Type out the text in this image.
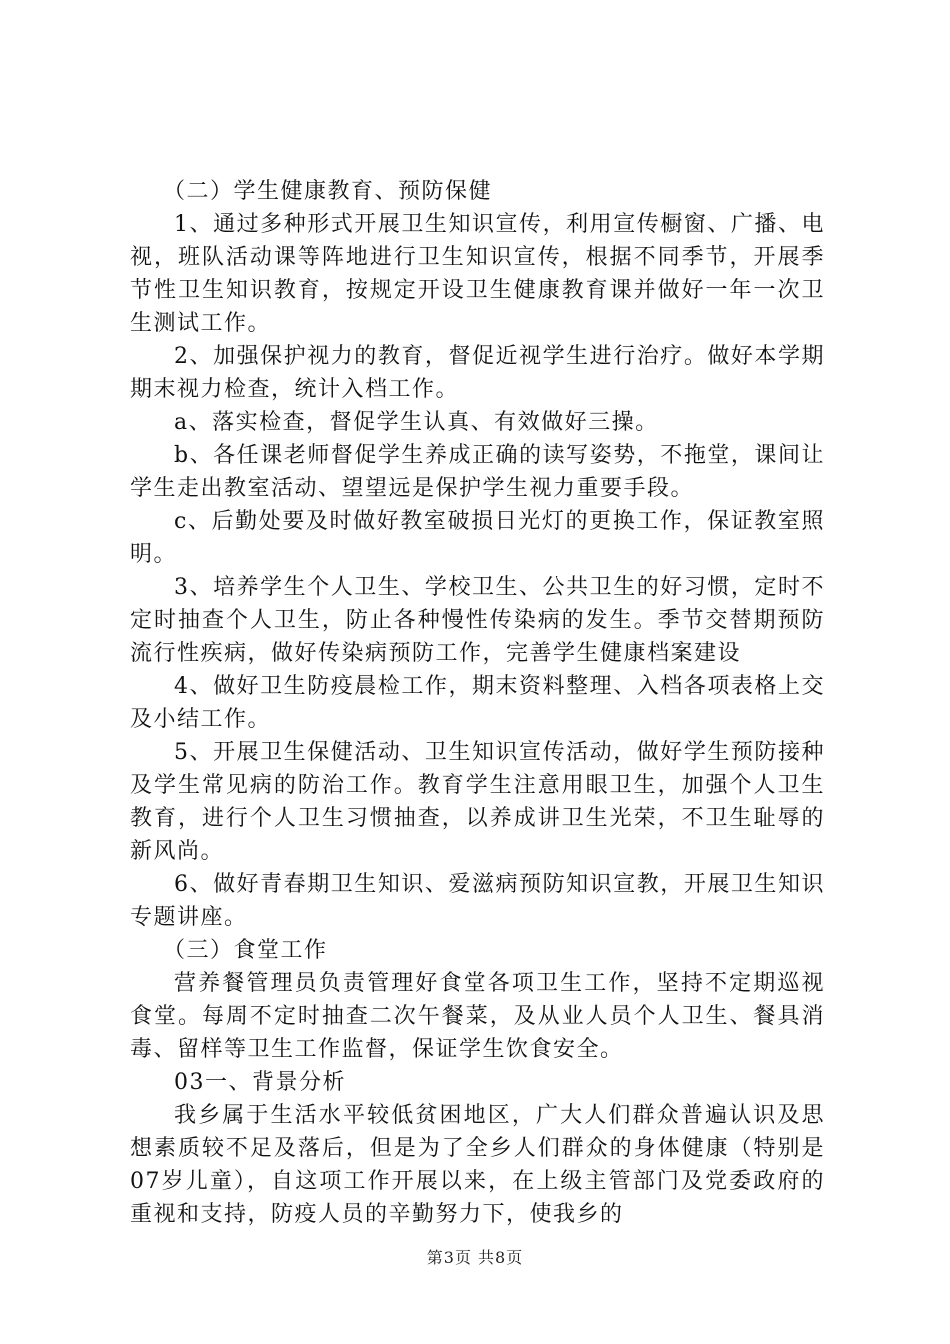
（二）学生健康教育、预防保健

1、通过多种形式开展卫生知识宣传，利用宣传橱窗、广播、电视，班队活动课等阵地进行卫生知识宣传，根据不同季节，开展季节性卫生知识教育，按规定开设卫生健康教育课并做好一年一次卫生测试工作。

2、加强保护视力的教育，督促近视学生进行治疗。做好本学期期末视力检查，统计入档工作。

a、落实检查，督促学生认真、有效做好三操。

b、各任课老师督促学生养成正确的读写姿势，不拖堂，课间让学生走出教室活动、望望远是保护学生视力重要手段。

c、后勤处要及时做好教室破损日光灯的更换工作，保证教室照明。

3、培养学生个人卫生、学校卫生、公共卫生的好习惯，定时不定时抽查个人卫生，防止各种慢性传染病的发生。季节交替期预防流行性疾病，做好传染病预防工作，完善学生健康档案建设

4、做好卫生防疫晨检工作，期末资料整理、入档各项表格上交及小结工作。

5、开展卫生保健活动、卫生知识宣传活动，做好学生预防接种及学生常见病的防治工作。教育学生注意用眼卫生，加强个人卫生教育，进行个人卫生习惯抽查，以养成讲卫生光荣，不卫生耻辱的新风尚。

6、做好青春期卫生知识、爱滋病预防知识宣教，开展卫生知识专题讲座。

（三）食堂工作

营养餐管理员负责管理好食堂各项卫生工作，坚持不定期巡视食堂。每周不定时抽查二次午餐菜，及从业人员个人卫生、餐具消毒、留样等卫生工作监督，保证学生饮食安全。

03一、背景分析

我乡属于生活水平较低贫困地区，广大人们群众普遍认识及思想素质较不足及落后，但是为了全乡人们群众的身体健康（特别是07岁儿童），自这项工作开展以来，在上级主管部门及党委政府的重视和支持，防疫人员的辛勤努力下，使我乡的

第3页 共8页
